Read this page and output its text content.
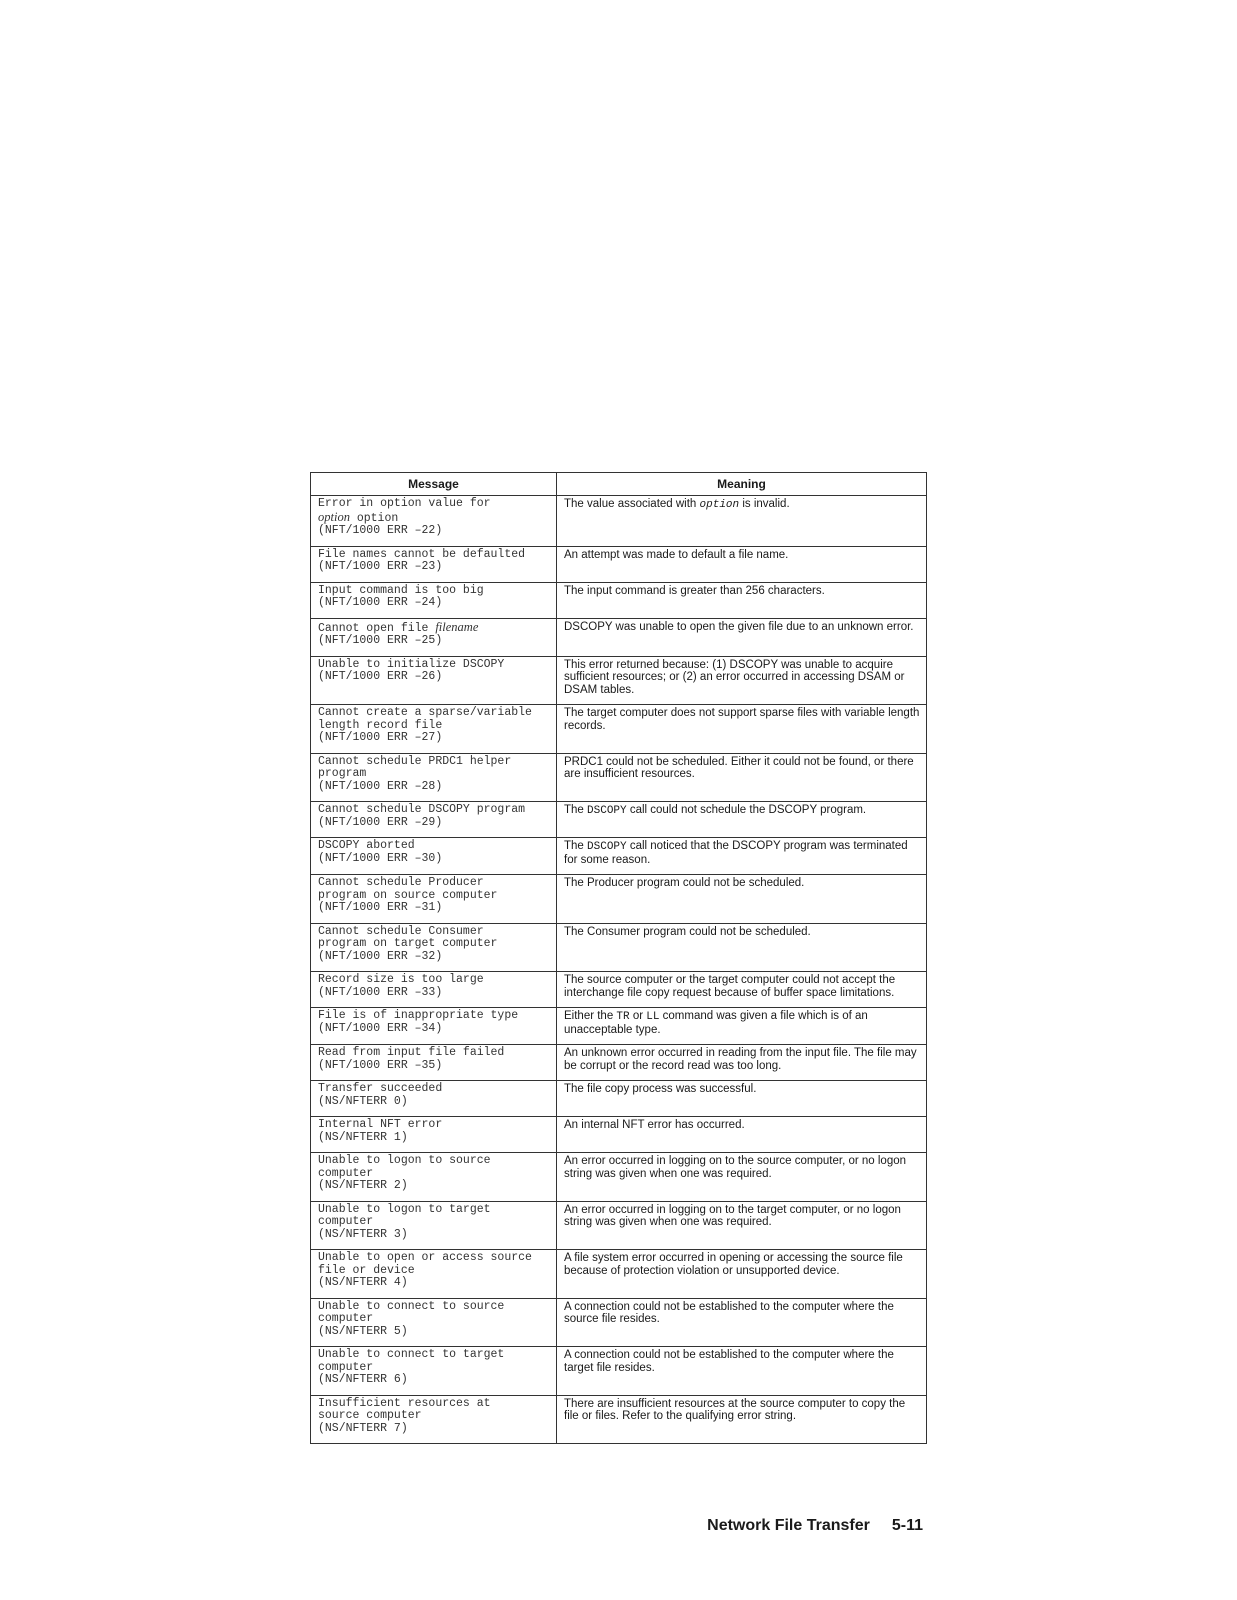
Message	Meaning

Error in option value for
option option
(NFT/1000 ERR –22)	The value associated with option is invalid.

File names cannot be defaulted
(NFT/1000 ERR –23)	An attempt was made to default a file name.

Input command is too big
(NFT/1000 ERR –24)	The input command is greater than 256 characters.

Cannot open file filename
(NFT/1000 ERR –25)	DSCOPY was unable to open the given file due to an unknown error.

Unable to initialize DSCOPY
(NFT/1000 ERR –26)	This error returned because: (1) DSCOPY was unable to acquire sufficient resources; or (2) an error occurred in accessing DSAM or DSAM tables.

Cannot create a sparse/variable
length record file
(NFT/1000 ERR –27)	The target computer does not support sparse files with variable length records.

Cannot schedule PRDC1 helper
program
(NFT/1000 ERR –28)	PRDC1 could not be scheduled. Either it could not be found, or there are insufficient resources.

Cannot schedule DSCOPY program
(NFT/1000 ERR –29)	The DSCOPY call could not schedule the DSCOPY program.

DSCOPY aborted
(NFT/1000 ERR –30)	The DSCOPY call noticed that the DSCOPY program was terminated for some reason.

Cannot schedule Producer
program on source computer
(NFT/1000 ERR –31)	The Producer program could not be scheduled.

Cannot schedule Consumer
program on target computer
(NFT/1000 ERR –32)	The Consumer program could not be scheduled.

Record size is too large
(NFT/1000 ERR –33)	The source computer or the target computer could not accept the interchange file copy request because of buffer space limitations.

File is of inappropriate type
(NFT/1000 ERR –34)	Either the TR or LL command was given a file which is of an unacceptable type.

Read from input file failed
(NFT/1000 ERR –35)	An unknown error occurred in reading from the input file. The file may be corrupt or the record read was too long.

Transfer succeeded
(NS/NFTERR 0)	The file copy process was successful.

Internal NFT error
(NS/NFTERR 1)	An internal NFT error has occurred.

Unable to logon to source
computer
(NS/NFTERR 2)	An error occurred in logging on to the source computer, or no logon string was given when one was required.

Unable to logon to target
computer
(NS/NFTERR 3)	An error occurred in logging on to the target computer, or no logon string was given when one was required.

Unable to open or access source
file or device
(NS/NFTERR 4)	A file system error occurred in opening or accessing the source file because of protection violation or unsupported device.

Unable to connect to source
computer
(NS/NFTERR 5)	A connection could not be established to the computer where the source file resides.

Unable to connect to target
computer
(NS/NFTERR 6)	A connection could not be established to the computer where the target file resides.

Insufficient resources at
source computer
(NS/NFTERR 7)	There are insufficient resources at the source computer to copy the file or files. Refer to the qualifying error string.
Network File Transfer 5-11
